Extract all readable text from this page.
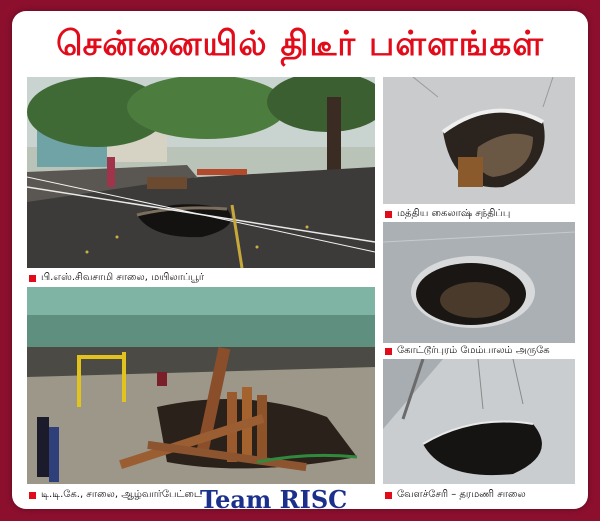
சென்னையில் திடீர் பள்ளங்கள்
பி.எஸ்.சிவசாமி சாலை, மயிலாப்பூர்
மத்திய கைலாஷ் சந்திப்பு
கோட்டூர்புரம் மேம்பாலம் அருகே
டி.டி.கே., சாலை, ஆழ்வார்பேட்டை	வேளச்சேரி – தரமணி சாலை
Team RISC
